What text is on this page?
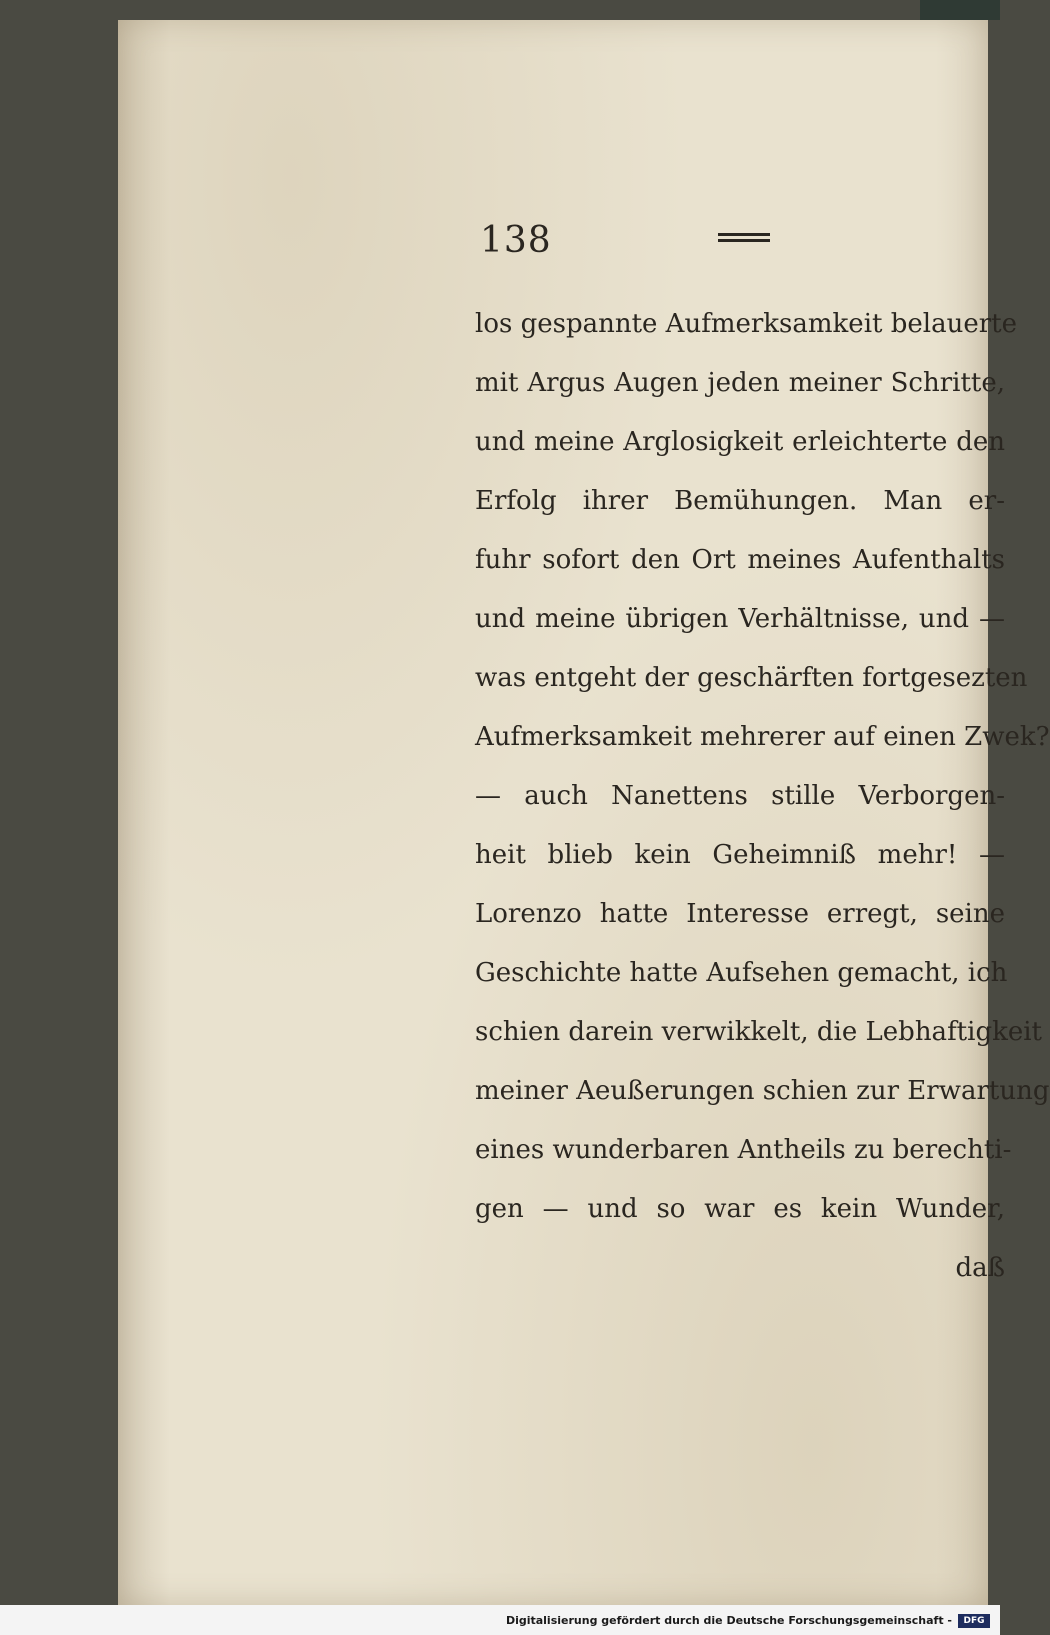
138
los gespannte Aufmerksamkeit belauerte
mit Argus Augen jeden meiner Schritte,
und meine Arglosigkeit erleichterte den
Erfolg ihrer Bemühungen. Man er-
fuhr sofort den Ort meines Aufenthalts
und meine übrigen Verhältnisse, und —
was entgeht der geschärften fortgesezten
Aufmerksamkeit mehrerer auf einen Zwek?
— auch Nanettens stille Verborgen-
heit blieb kein Geheimniß mehr! —
Lorenzo hatte Interesse erregt, seine
Geschichte hatte Aufsehen gemacht, ich
schien darein verwikkelt, die Lebhaftigkeit
meiner Aeußerungen schien zur Erwartung
eines wunderbaren Antheils zu berechti-
gen — und so war es kein Wunder,
daß
Digitalisierung gefördert durch die Deutsche Forschungsgemeinschaft -	DFG
